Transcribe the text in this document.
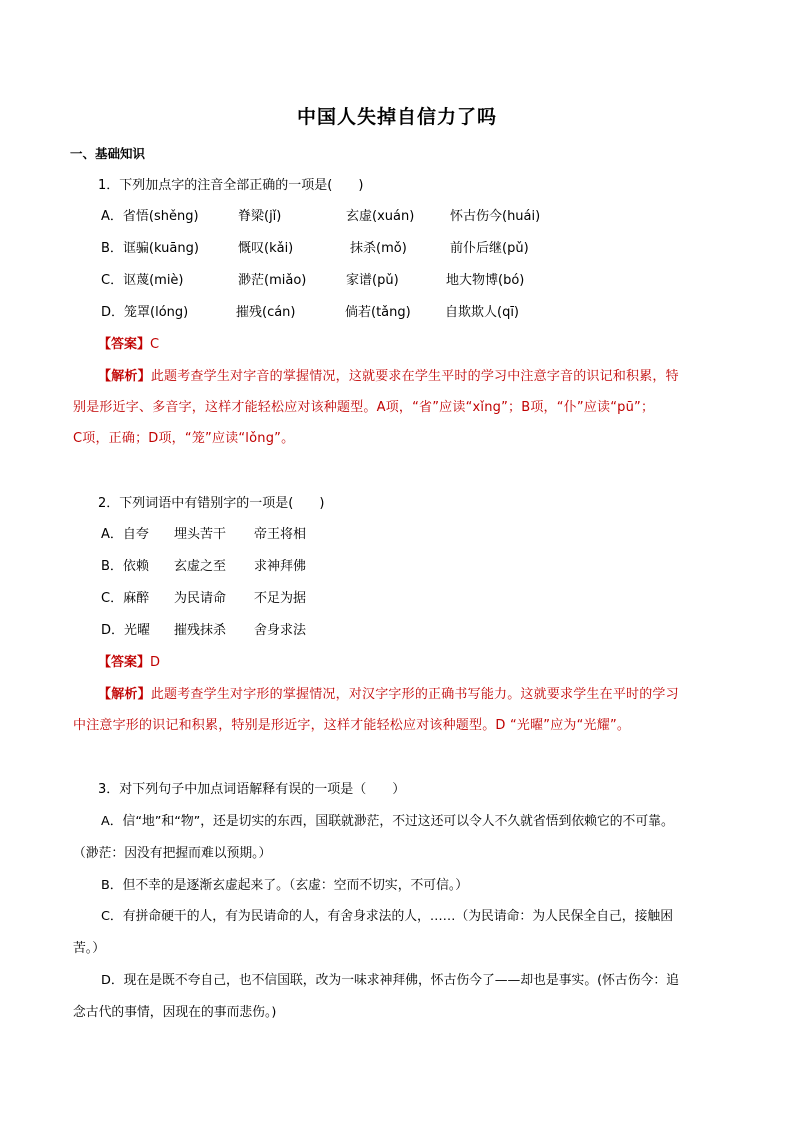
中国人失掉自信力了吗
一、基础知识
1．下列加点字的注音全部正确的一项是(　　)
A．省悟(shěng)	脊梁(jǐ)	玄虚(xuán)	怀古伤今(huái)
B．诓骗(kuāng)	慨叹(kǎi)	抹杀(mǒ)	前仆后继(pǔ)
C．讴蔑(miè)	渺茫(miǎo)	家谱(pǔ)	地大物博(bó)
D．笼罩(lóng)	摧残(cán)	倘若(tǎng)	自欺欺人(qī)
【答案】C
【解析】此题考查学生对字音的掌握情况，这就要求在学生平时的学习中注意字音的识记和积累，特
别是形近字、多音字，这样才能轻松应对该种题型。A项，“省”应读“xǐng”；B项，“仆”应读“pū”；
C项，正确；D项，“笼”应读“lǒng”。
2．下列词语中有错别字的一项是(　　)
A．自夸 埋头苦干 帝王将相
B．依赖 玄虚之至 求神拜佛
C．麻醉 为民请命 不足为据
D．光曜 摧残抹杀 舍身求法
【答案】D
【解析】此题考查学生对字形的掌握情况，对汉字字形的正确书写能力。这就要求学生在平时的学习
中注意字形的识记和积累，特别是形近字，这样才能轻松应对该种题型。D “光曜”应为“光耀”。
3．对下列句子中加点词语解释有误的一项是（　　）
A．信“地”和“物”，还是切实的东西，国联就渺茫，不过这还可以令人不久就省悟到依赖它的不可靠。
（渺茫：因没有把握而难以预期。）
B．但不幸的是逐渐玄虚起来了。（玄虚：空而不切实，不可信。）
C．有拼命硬干的人，有为民请命的人，有舍身求法的人，……（为民请命：为人民保全自己，接触困
苦。）
D．现在是既不夸自己，也不信国联，改为一味求神拜佛，怀古伤今了——却也是事实。(怀古伤今：追
念古代的事情，因现在的事而悲伤。)
